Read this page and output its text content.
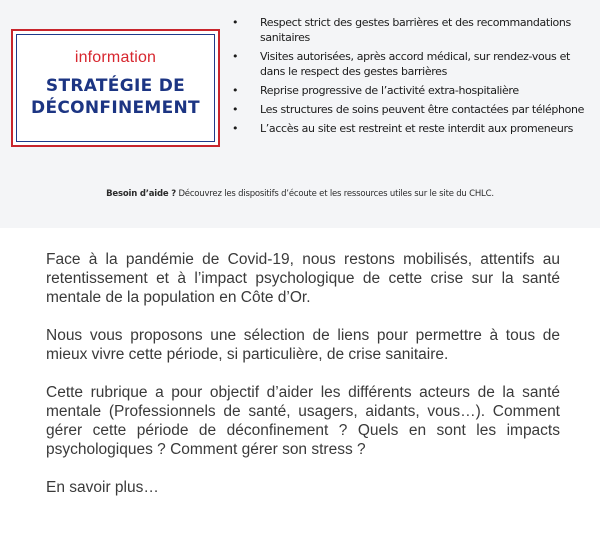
information
STRATÉGIE DE
DÉCONFINEMENT
• Respect strict des gestes barrières et des recommandations sanitaires
• Visites autorisées, après accord médical, sur rendez-vous et dans le respect des gestes barrières
• Reprise progressive de l’activité extra-hospitalière
• Les structures de soins peuvent être contactées par téléphone
• L’accès au site est restreint et reste interdit aux promeneurs
Besoin d’aide ? Découvrez les dispositifs d’écoute et les ressources utiles sur le site du CHLC.

Face à la pandémie de Covid-19, nous restons mobilisés, attentifs au retentissement et à l’impact psychologique de cette crise sur la santé mentale de la population en Côte d’Or.

Nous vous proposons une sélection de liens pour permettre à tous de mieux vivre cette période, si particulière, de crise sanitaire.

Cette rubrique a pour objectif d’aider les différents acteurs de la santé mentale (Professionnels de santé, usagers, aidants, vous…). Comment gérer cette période de déconfinement ? Quels en sont les impacts psychologiques ? Comment gérer son stress ?

En savoir plus…
